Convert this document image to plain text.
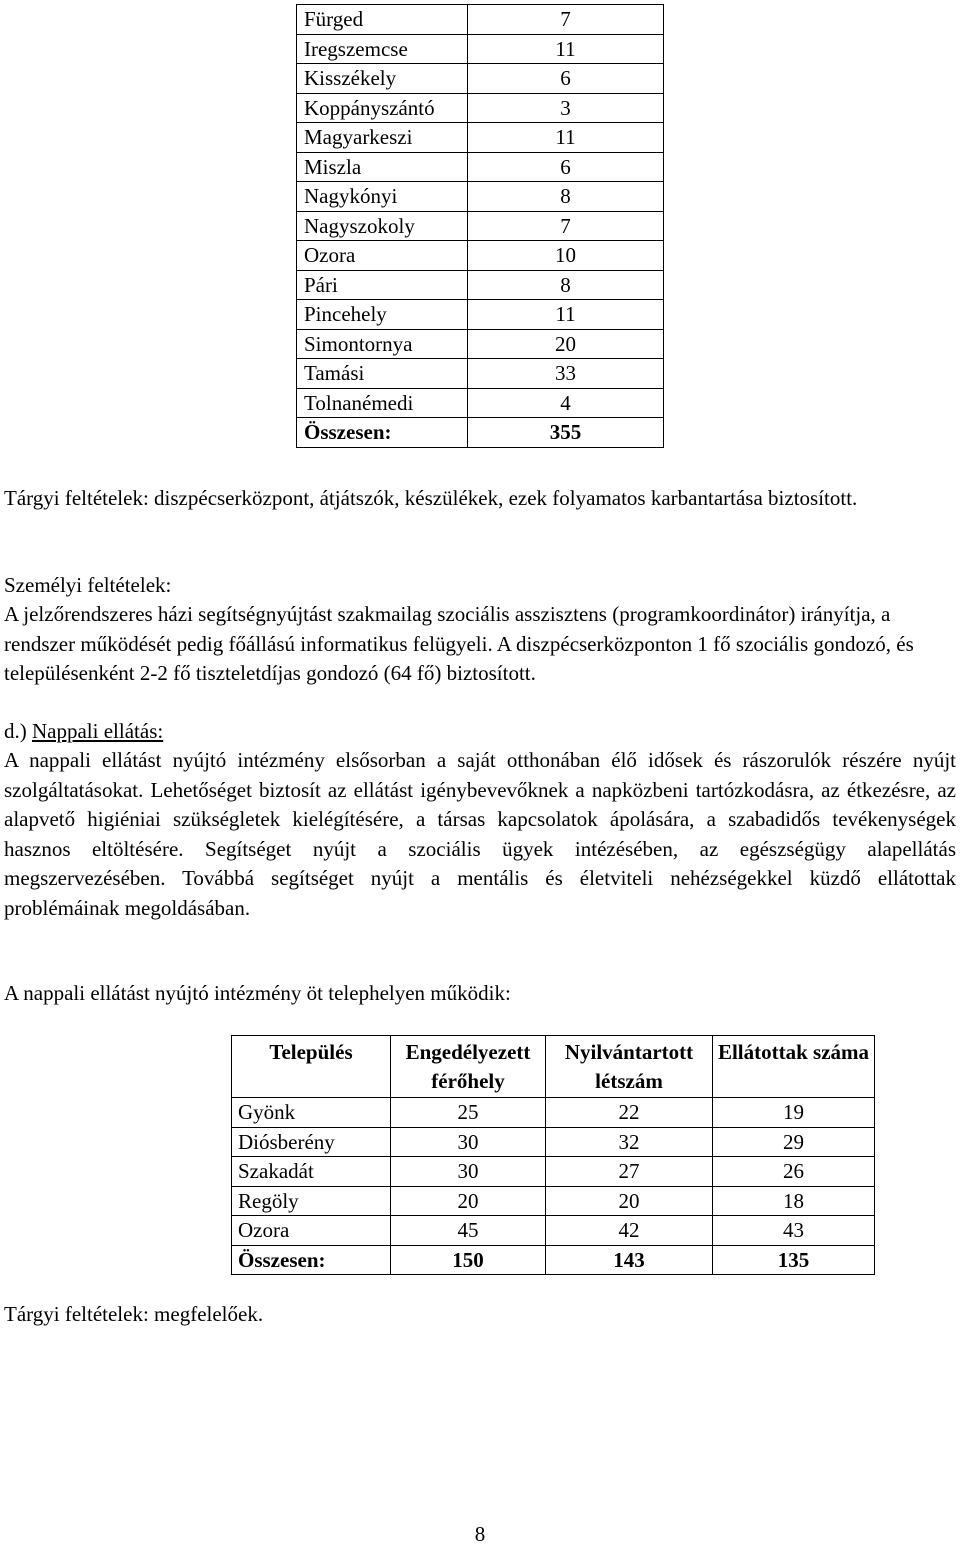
Fürged	7
Iregszemcse	11
Kisszékely	6
Koppányszántó	3
Magyarkeszi	11
Miszla	6
Nagykónyi	8
Nagyszokoly	7
Ozora	10
Pári	8
Pincehely	11
Simontornya	20
Tamási	33
Tolnanémedi	4
Összesen:	355
Tárgyi feltételek: diszpécserközpont, átjátszók, készülékek, ezek folyamatos karbantartása biztosított.
Személyi feltételek:
A jelzőrendszeres házi segítségnyújtást szakmailag szociális asszisztens (programkoordinátor) irányítja, a rendszer működését pedig főállású informatikus felügyeli. A diszpécserközponton 1 fő szociális gondozó, és településenként 2-2 fő tiszteletdíjas gondozó (64 fő) biztosított.
d.) Nappali ellátás:
A nappali ellátást nyújtó intézmény elsősorban a saját otthonában élő idősek és rászorulók részére nyújt szolgáltatásokat. Lehetőséget biztosít az ellátást igénybevevőknek a napközbeni tartózkodásra, az étkezésre, az alapvető higiéniai szükségletek kielégítésére, a társas kapcsolatok ápolására, a szabadidős tevékenységek hasznos eltöltésére. Segítséget nyújt a szociális ügyek intézésében, az egészségügy alapellátás megszervezésében. Továbbá segítséget nyújt a mentális és életviteli nehézségekkel küzdő ellátottak problémáinak megoldásában.
A nappali ellátást nyújtó intézmény öt telephelyen működik:
Település	Engedélyezett férőhely	Nyilvántartott létszám	Ellátottak száma
Gyönk	25	22	19
Diósberény	30	32	29
Szakadát	30	27	26
Regöly	20	20	18
Ozora	45	42	43
Összesen:	150	143	135
Tárgyi feltételek: megfelelőek.
8
